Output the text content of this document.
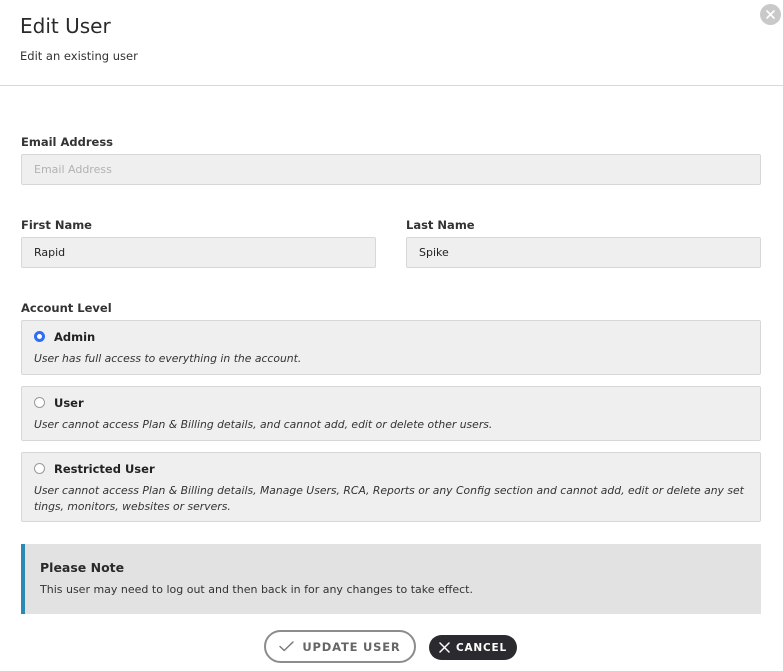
Edit User
Edit an existing user
Email Address
Email Address
First Name
Rapid	Last Name
Spike
Account Level
Admin
User has full access to everything in the account.
User
User cannot access Plan & Billing details, and cannot add, edit or delete other users.
Restricted User
User cannot access Plan & Billing details, Manage Users, RCA, Reports or any Config section and cannot add, edit or delete any settings, monitors, websites or servers.
Please Note
This user may need to log out and then back in for any changes to take effect.
UPDATE USER	CANCEL
